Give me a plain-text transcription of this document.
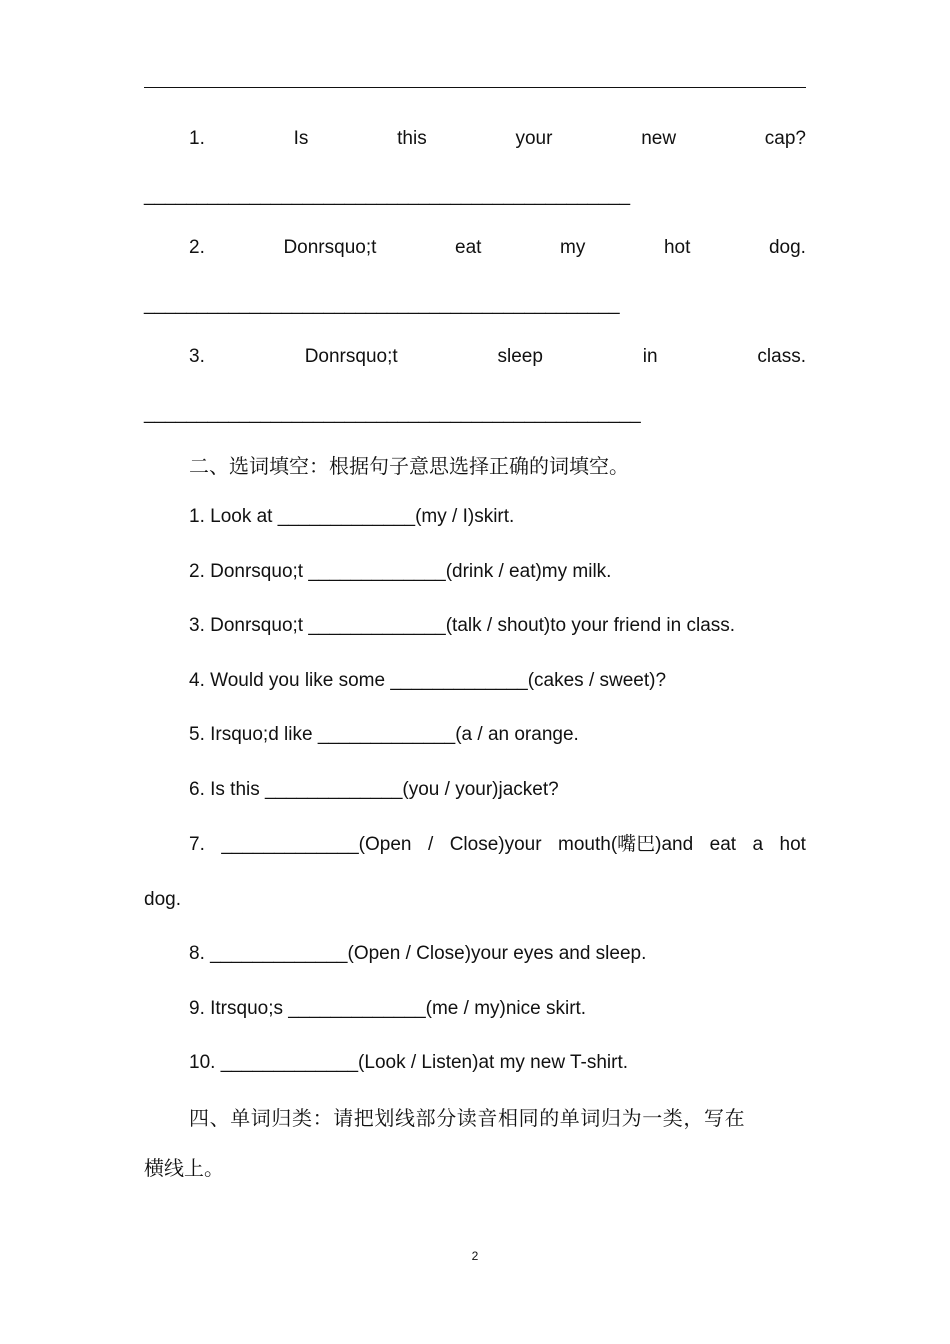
1.	Is	this	your	new	cap?
______________________________________________
2.	Donrsquo;t	eat	my	hot	dog.
_____________________________________________
3.	Donrsquo;t	sleep	in	class.
_______________________________________________
二、选词填空：根据句子意思选择正确的词填空。
1. Look at _____________(my / I)skirt.
2. Donrsquo;t _____________(drink / eat)my milk.
3. Donrsquo;t _____________(talk / shout)to your friend in class.
4. Would you like some _____________(cakes / sweet)?
5. Irsquo;d like _____________(a / an orange.
6. Is this _____________(you / your)jacket?
7. _____________(Open / Close)your mouth(嘴巴)and eat a hot
dog.
8. _____________(Open / Close)your eyes and sleep.
9. Itrsquo;s _____________(me / my)nice skirt.
10. _____________(Look / Listen)at my new T-shirt.
四、单词归类：请把划线部分读音相同的单词归为一类，写在
横线上。
2
